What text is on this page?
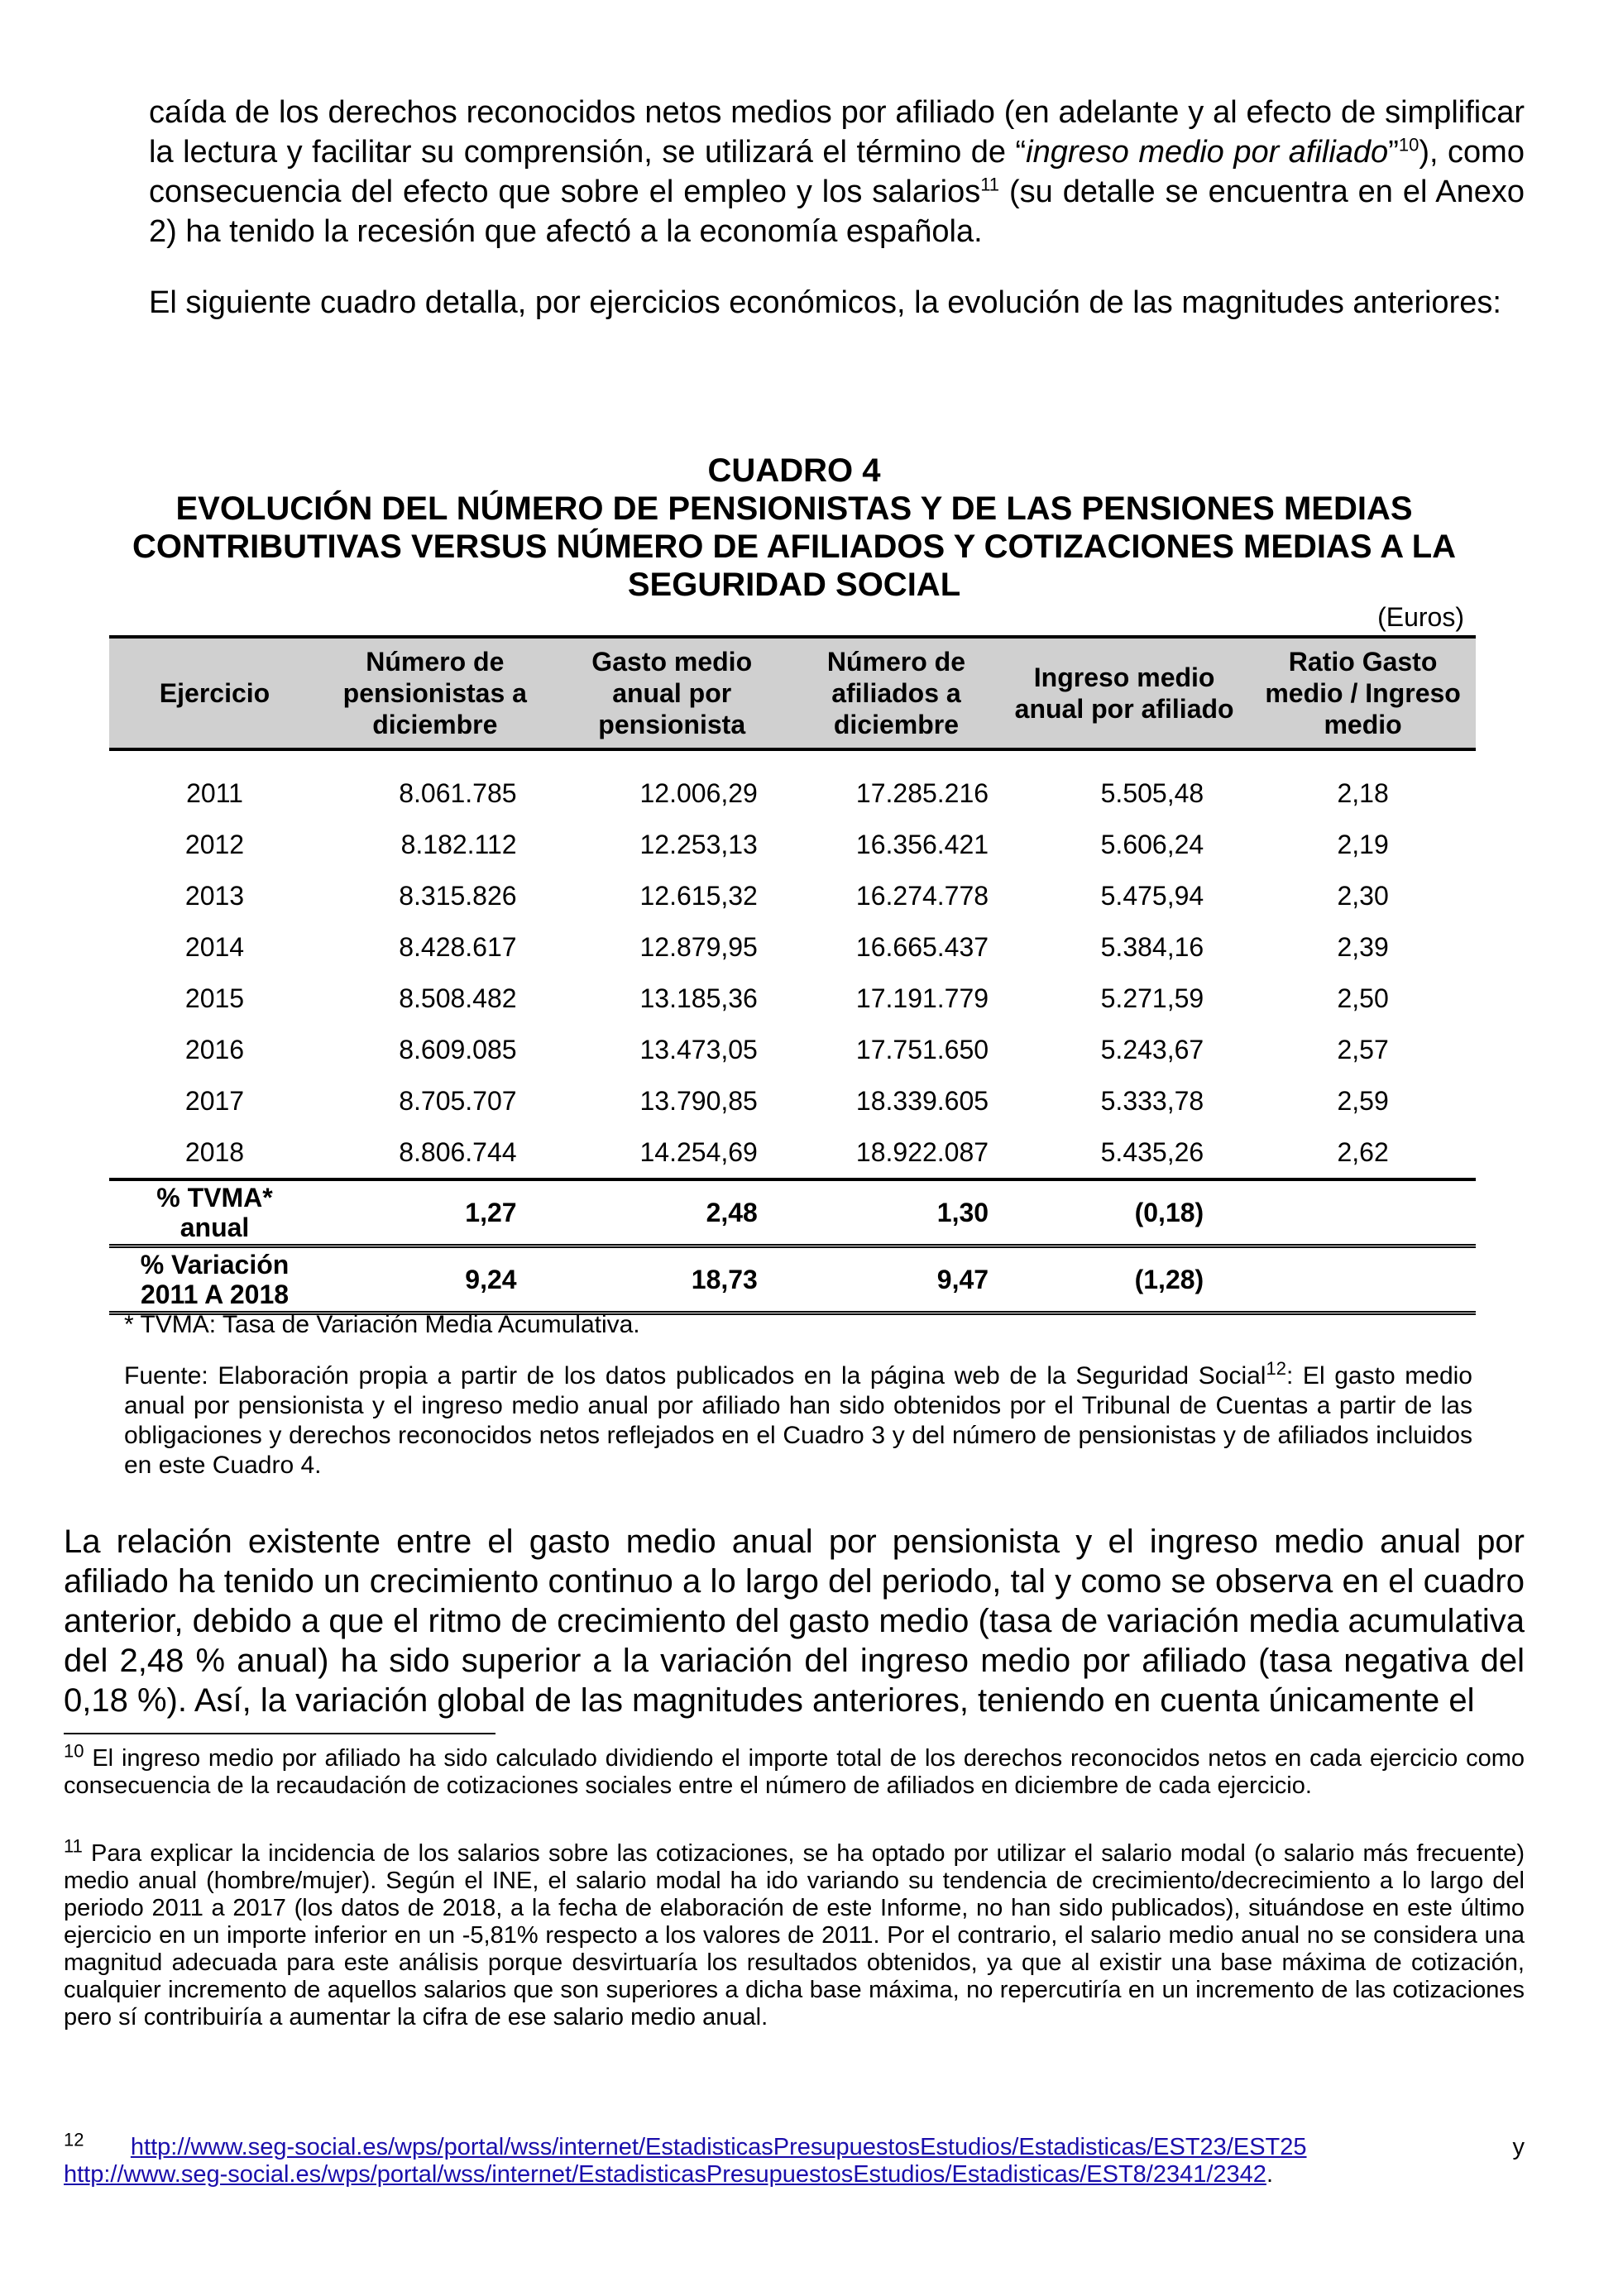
caída de los derechos reconocidos netos medios por afiliado (en adelante y al efecto de simplificar la lectura y facilitar su comprensión, se utilizará el término de “ingreso medio por afiliado”$^{10}$), como consecuencia del efecto que sobre el empleo y los salarios$^{11}$ (su detalle se encuentra en el Anexo 2) ha tenido la recesión que afectó a la economía española.

El siguiente cuadro detalla, por ejercicios económicos, la evolución de las magnitudes anteriores:

CUADRO 4
EVOLUCIÓN DEL NÚMERO DE PENSIONISTAS Y DE LAS PENSIONES MEDIAS
CONTRIBUTIVAS VERSUS NÚMERO DE AFILIADOS Y COTIZACIONES MEDIAS A LA
SEGURIDAD SOCIAL
(Euros)
Ejercicio	Número de pensionistas a diciembre	Gasto medio anual por pensionista	Número de afiliados a diciembre	Ingreso medio anual por afiliado	Ratio Gasto medio / Ingreso medio
2011	8.061.785	12.006,29	17.285.216	5.505,48	2,18
2012	8.182.112	12.253,13	16.356.421	5.606,24	2,19
2013	8.315.826	12.615,32	16.274.778	5.475,94	2,30
2014	8.428.617	12.879,95	16.665.437	5.384,16	2,39
2015	8.508.482	13.185,36	17.191.779	5.271,59	2,50
2016	8.609.085	13.473,05	17.751.650	5.243,67	2,57
2017	8.705.707	13.790,85	18.339.605	5.333,78	2,59
2018	8.806.744	14.254,69	18.922.087	5.435,26	2,62
% TVMA*
anual	1,27	2,48	1,30	(0,18)	
% Variación
2011 A 2018	9,24	18,73	9,47	(1,28)	

* TVMA: Tasa de Variación Media Acumulativa.

Fuente: Elaboración propia a partir de los datos publicados en la página web de la Seguridad Social$^{12}$: El gasto medio anual por pensionista y el ingreso medio anual por afiliado han sido obtenidos por el Tribunal de Cuentas a partir de las obligaciones y derechos reconocidos netos reflejados en el Cuadro 3 y del número de pensionistas y de afiliados incluidos en este Cuadro 4.

La relación existente entre el gasto medio anual por pensionista y el ingreso medio anual por afiliado ha tenido un crecimiento continuo a lo largo del periodo, tal y como se observa en el cuadro anterior, debido a que el ritmo de crecimiento del gasto medio (tasa de variación media acumulativa del 2,48 % anual) ha sido superior a la variación del ingreso medio por afiliado (tasa negativa del 0,18 %). Así, la variación global de las magnitudes anteriores, teniendo en cuenta únicamente el

$^{10}$ El ingreso medio por afiliado ha sido calculado dividiendo el importe total de los derechos reconocidos netos en cada ejercicio como consecuencia de la recaudación de cotizaciones sociales entre el número de afiliados en diciembre de cada ejercicio.

$^{11}$ Para explicar la incidencia de los salarios sobre las cotizaciones, se ha optado por utilizar el salario modal (o salario más frecuente) medio anual (hombre/mujer). Según el INE, el salario modal ha ido variando su tendencia de crecimiento/decrecimiento a lo largo del periodo 2011 a 2017 (los datos de 2018, a la fecha de elaboración de este Informe, no han sido publicados), situándose en este último ejercicio en un importe inferior en un -5,81% respecto a los valores de 2011. Por el contrario, el salario medio anual no se considera una magnitud adecuada para este análisis porque desvirtuaría los resultados obtenidos, ya que al existir una base máxima de cotización, cualquier incremento de aquellos salarios que son superiores a dicha base máxima, no repercutiría en un incremento de las cotizaciones pero sí contribuiría a aumentar la cifra de ese salario medio anual.

$^{12}$ http://www.seg-social.es/wps/portal/wss/internet/EstadisticasPresupuestosEstudios/Estadisticas/EST23/EST25	y
http://www.seg-social.es/wps/portal/wss/internet/EstadisticasPresupuestosEstudios/Estadisticas/EST8/2341/2342.
